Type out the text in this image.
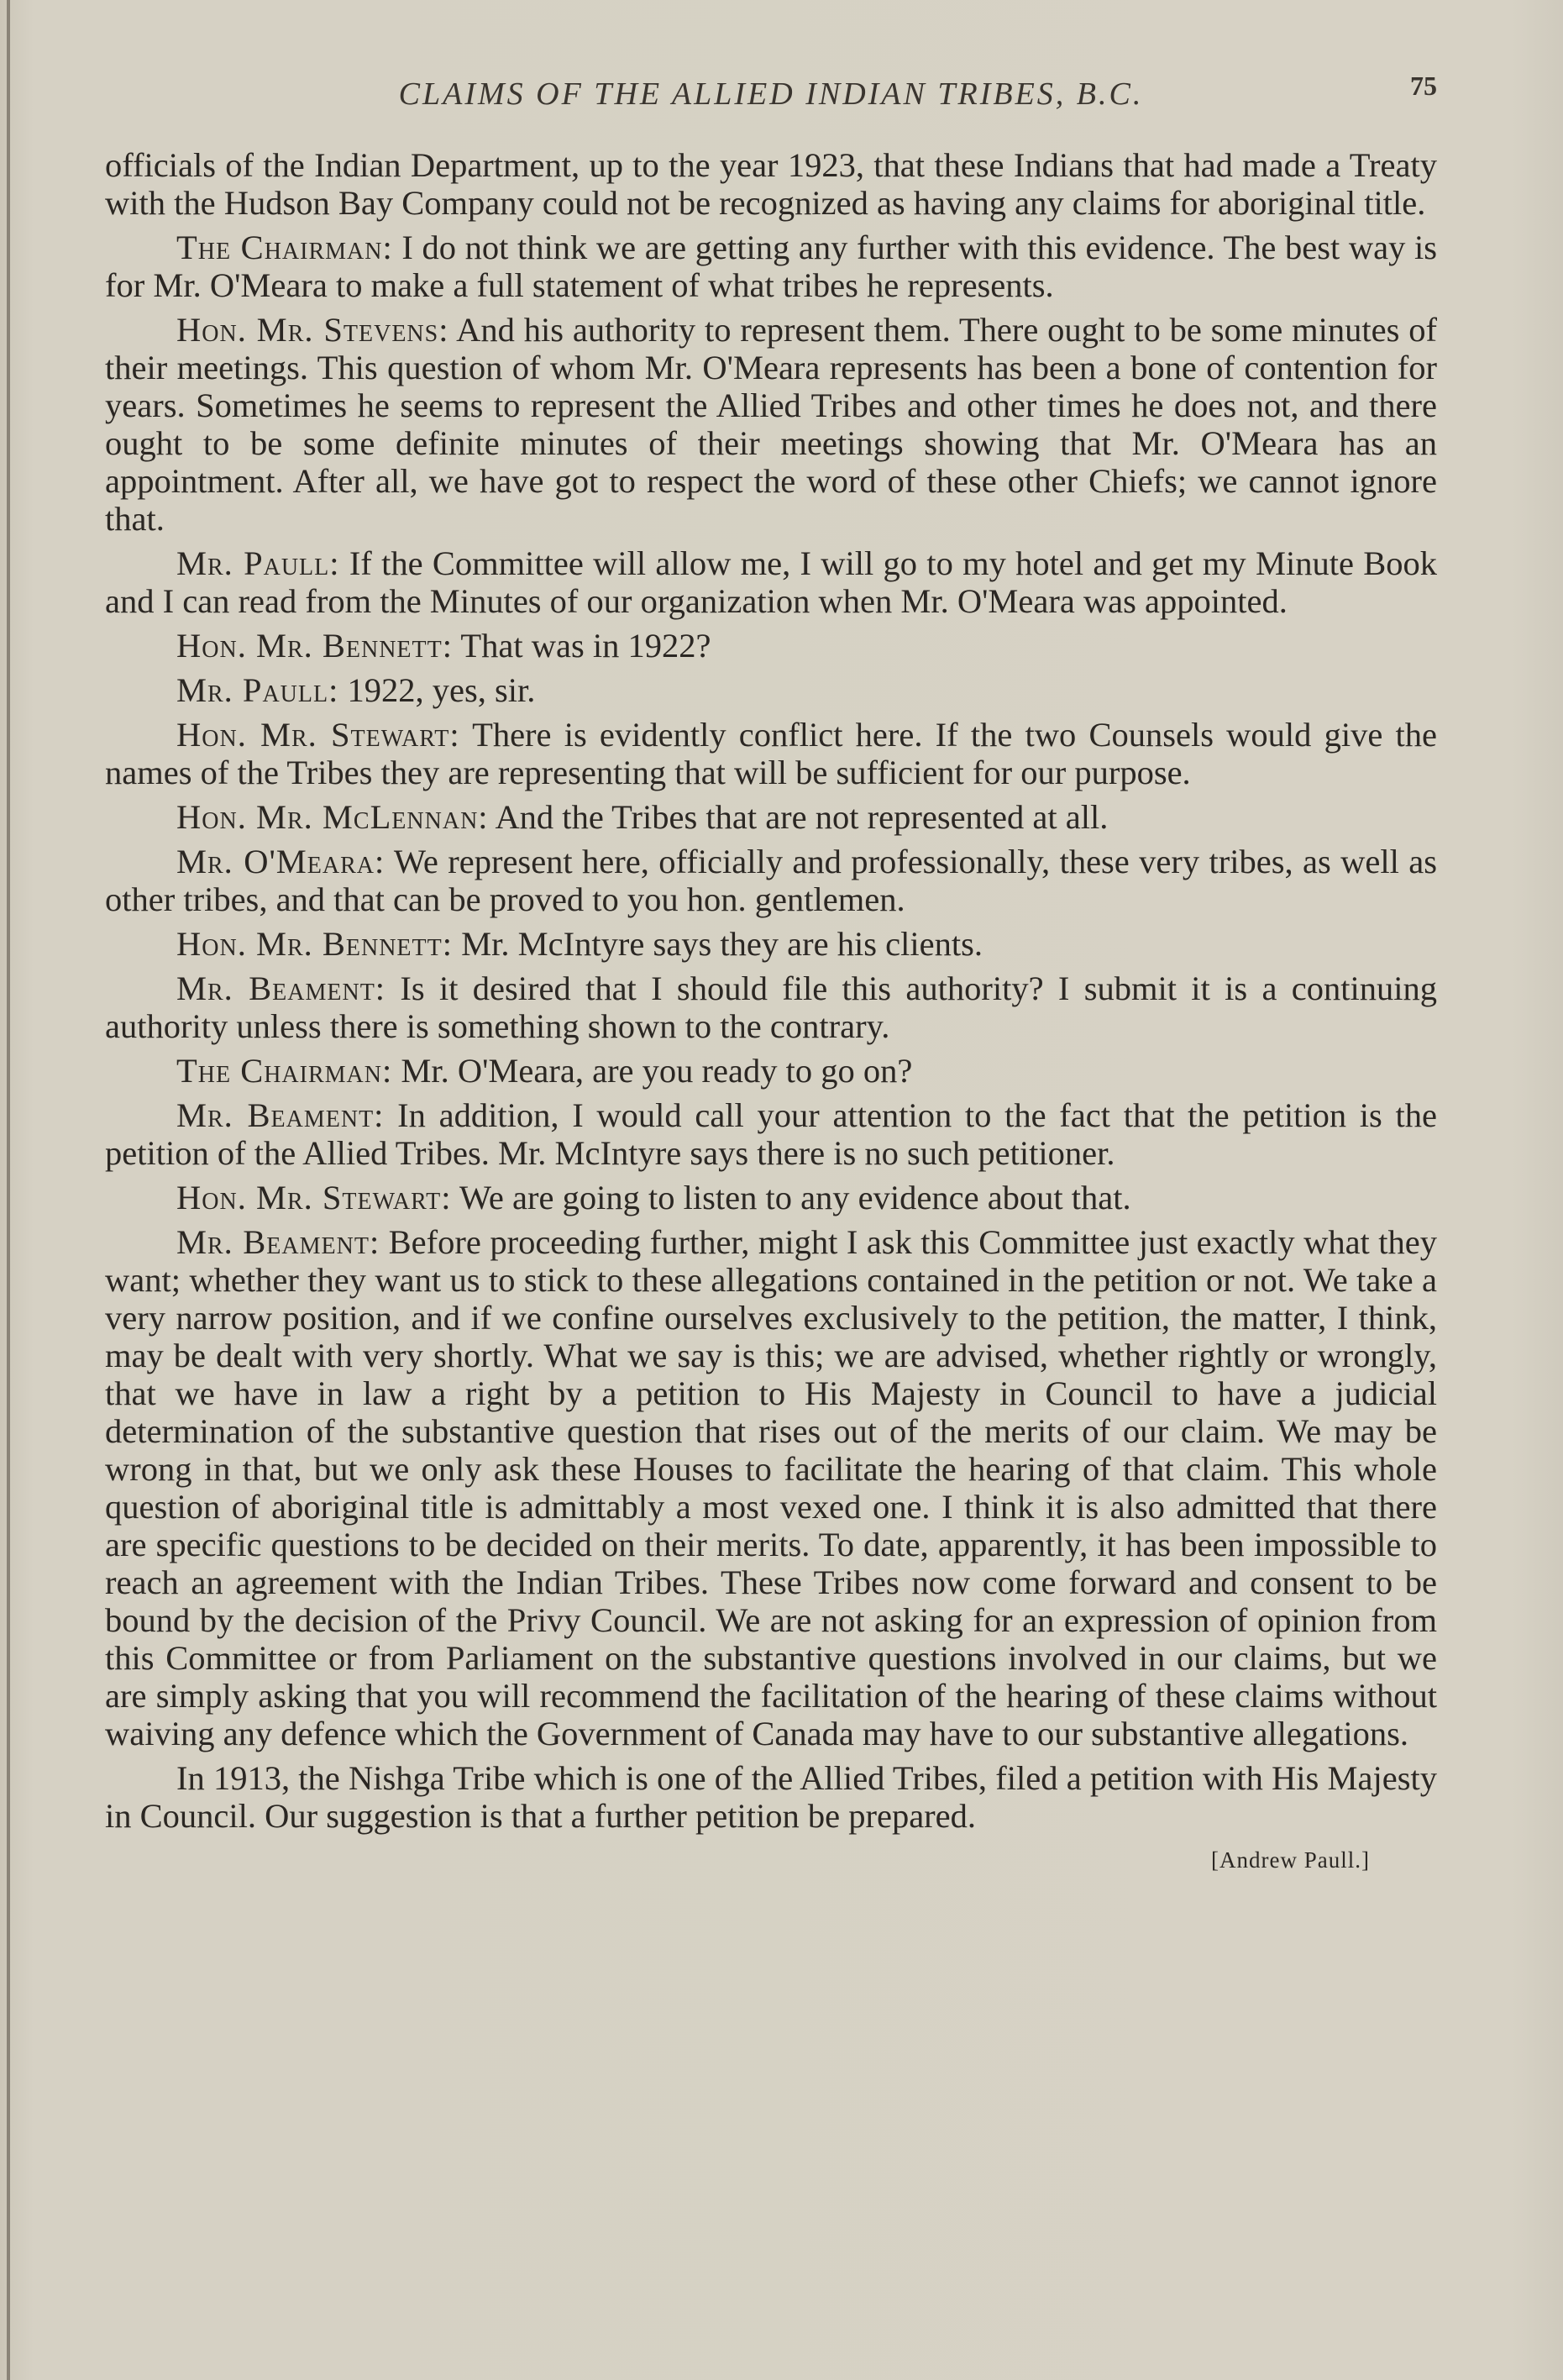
CLAIMS OF THE ALLIED INDIAN TRIBES, B.C.	75

officials of the Indian Department, up to the year 1923, that these Indians that had made a Treaty with the Hudson Bay Company could not be recognized as having any claims for aboriginal title.

The Chairman: I do not think we are getting any further with this evidence. The best way is for Mr. O'Meara to make a full statement of what tribes he represents.

Hon. Mr. Stevens: And his authority to represent them. There ought to be some minutes of their meetings. This question of whom Mr. O'Meara represents has been a bone of contention for years. Sometimes he seems to represent the Allied Tribes and other times he does not, and there ought to be some definite minutes of their meetings showing that Mr. O'Meara has an appointment. After all, we have got to respect the word of these other Chiefs; we cannot ignore that.

Mr. Paull: If the Committee will allow me, I will go to my hotel and get my Minute Book and I can read from the Minutes of our organization when Mr. O'Meara was appointed.

Hon. Mr. Bennett: That was in 1922?

Mr. Paull: 1922, yes, sir.

Hon. Mr. Stewart: There is evidently conflict here. If the two Counsels would give the names of the Tribes they are representing that will be sufficient for our purpose.

Hon. Mr. McLennan: And the Tribes that are not represented at all.

Mr. O'Meara: We represent here, officially and professionally, these very tribes, as well as other tribes, and that can be proved to you hon. gentlemen.

Hon. Mr. Bennett: Mr. McIntyre says they are his clients.

Mr. Beament: Is it desired that I should file this authority? I submit it is a continuing authority unless there is something shown to the contrary.

The Chairman: Mr. O'Meara, are you ready to go on?

Mr. Beament: In addition, I would call your attention to the fact that the petition is the petition of the Allied Tribes. Mr. McIntyre says there is no such petitioner.

Hon. Mr. Stewart: We are going to listen to any evidence about that.

Mr. Beament: Before proceeding further, might I ask this Committee just exactly what they want; whether they want us to stick to these allegations contained in the petition or not. We take a very narrow position, and if we confine ourselves exclusively to the petition, the matter, I think, may be dealt with very shortly. What we say is this; we are advised, whether rightly or wrongly, that we have in law a right by a petition to His Majesty in Council to have a judicial determination of the substantive question that rises out of the merits of our claim. We may be wrong in that, but we only ask these Houses to facilitate the hearing of that claim. This whole question of aboriginal title is admittably a most vexed one. I think it is also admitted that there are specific questions to be decided on their merits. To date, apparently, it has been impossible to reach an agreement with the Indian Tribes. These Tribes now come forward and consent to be bound by the decision of the Privy Council. We are not asking for an expression of opinion from this Committee or from Parliament on the substantive questions involved in our claims, but we are simply asking that you will recommend the facilitation of the hearing of these claims without waiving any defence which the Government of Canada may have to our substantive allegations.

In 1913, the Nishga Tribe which is one of the Allied Tribes, filed a petition with His Majesty in Council. Our suggestion is that a further petition be prepared.

[Andrew Paull.]
